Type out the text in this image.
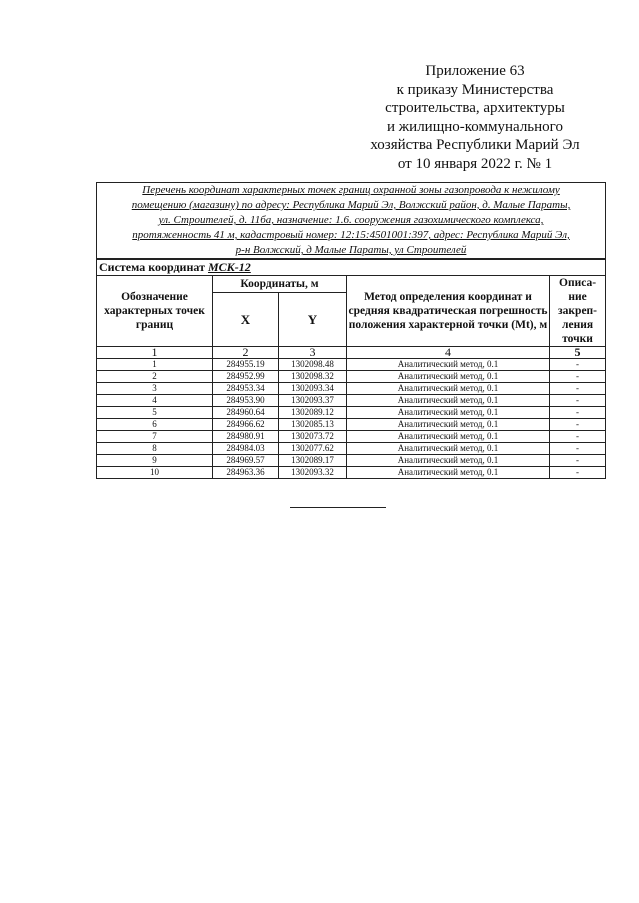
Приложение 63
к приказу Министерства
строительства, архитектуры
и жилищно-коммунального
хозяйства Республики Марий Эл
от 10 января 2022 г. № 1
Перечень координат характерных точек границ охранной зоны газопровода к нежилому
помещению (магазину) по адресу: Республика Марий Эл, Волжский район, д. Малые Параты,
ул. Строителей, д. 11ба, назначение: 1.6. сооружения газохимического комплекса,
протяженность 41 м, кадастровый номер: 12:15:4501001:397, адрес: Республика Марий Эл,
р-н Волжский, д Малые Параты, ул Строителей				

Система координат МСК-12				
Обозначение характерных точек границ	Координаты, м		Метод определения координат и средняя квадратическая погрешность положения характерной точки (Mt), м	Описа-ние закреп-ления точки
	X	Y		
1	2	3	4	5
1	284955.19	1302098.48	Аналитический метод, 0.1	-
2	284952.99	1302098.32	Аналитический метод, 0.1	-
3	284953.34	1302093.34	Аналитический метод, 0.1	-
4	284953.90	1302093.37	Аналитический метод, 0.1	-
5	284960.64	1302089.12	Аналитический метод, 0.1	-
6	284966.62	1302085.13	Аналитический метод, 0.1	-
7	284980.91	1302073.72	Аналитический метод, 0.1	-
8	284984.03	1302077.62	Аналитический метод, 0.1	-
9	284969.57	1302089.17	Аналитический метод, 0.1	-
10	284963.36	1302093.32	Аналитический метод, 0.1	-
